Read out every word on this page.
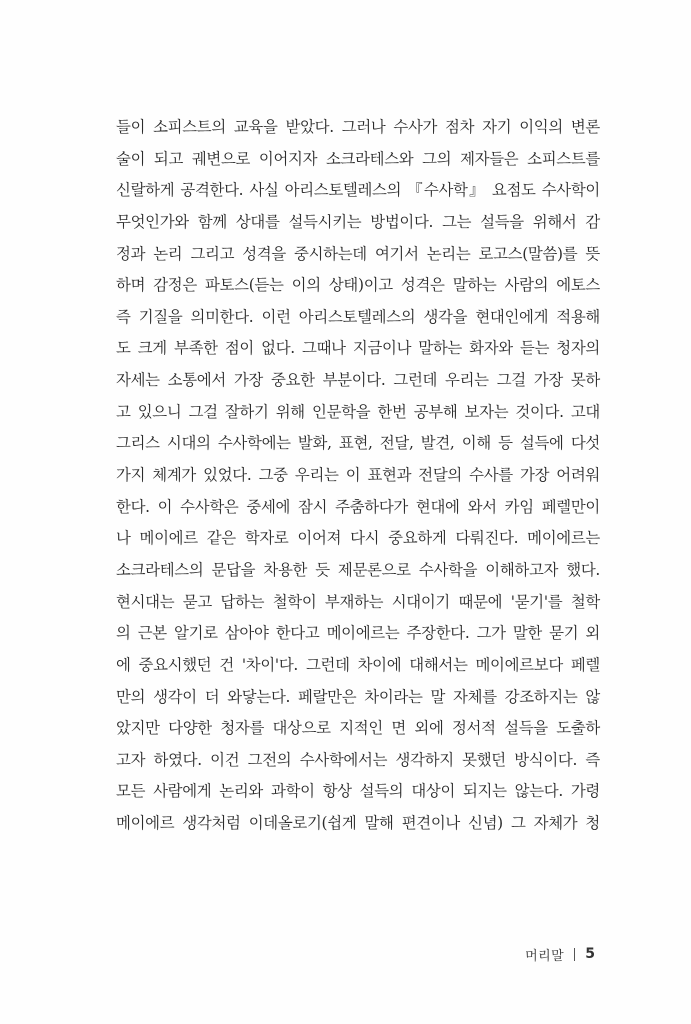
들이 소피스트의 교육을 받았다. 그러나 수사가 점차 자기 이익의 변론
술이 되고 궤변으로 이어지자 소크라테스와 그의 제자들은 소피스트를
신랄하게 공격한다. 사실 아리스토텔레스의 『수사학』 요점도 수사학이
무엇인가와 함께 상대를 설득시키는 방법이다. 그는 설득을 위해서 감
정과 논리 그리고 성격을 중시하는데 여기서 논리는 로고스(말씀)를 뜻
하며 감정은 파토스(듣는 이의 상태)이고 성격은 말하는 사람의 에토스
즉 기질을 의미한다. 이런 아리스토텔레스의 생각을 현대인에게 적용해
도 크게 부족한 점이 없다. 그때나 지금이나 말하는 화자와 듣는 청자의
자세는 소통에서 가장 중요한 부분이다. 그런데 우리는 그걸 가장 못하
고 있으니 그걸 잘하기 위해 인문학을 한번 공부해 보자는 것이다. 고대
그리스 시대의 수사학에는 발화, 표현, 전달, 발견, 이해 등 설득에 다섯
가지 체계가 있었다. 그중 우리는 이 표현과 전달의 수사를 가장 어려워
한다. 이 수사학은 중세에 잠시 주춤하다가 현대에 와서 카임 페렐만이
나 메이에르 같은 학자로 이어져 다시 중요하게 다뤄진다. 메이에르는
소크라테스의 문답을 차용한 듯 제문론으로 수사학을 이해하고자 했다.
현시대는 묻고 답하는 철학이 부재하는 시대이기 때문에 '묻기'를 철학
의 근본 알기로 삼아야 한다고 메이에르는 주장한다. 그가 말한 묻기 외
에 중요시했던 건 '차이'다. 그런데 차이에 대해서는 메이에르보다 페렐
만의 생각이 더 와닿는다. 페랄만은 차이라는 말 자체를 강조하지는 않
았지만 다양한 청자를 대상으로 지적인 면 외에 정서적 설득을 도출하
고자 하였다. 이건 그전의 수사학에서는 생각하지 못했던 방식이다. 즉
모든 사람에게 논리와 과학이 항상 설득의 대상이 되지는 않는다. 가령
메이에르 생각처럼 이데올로기(쉽게 말해 편견이나 신념) 그 자체가 청
머리말 5
